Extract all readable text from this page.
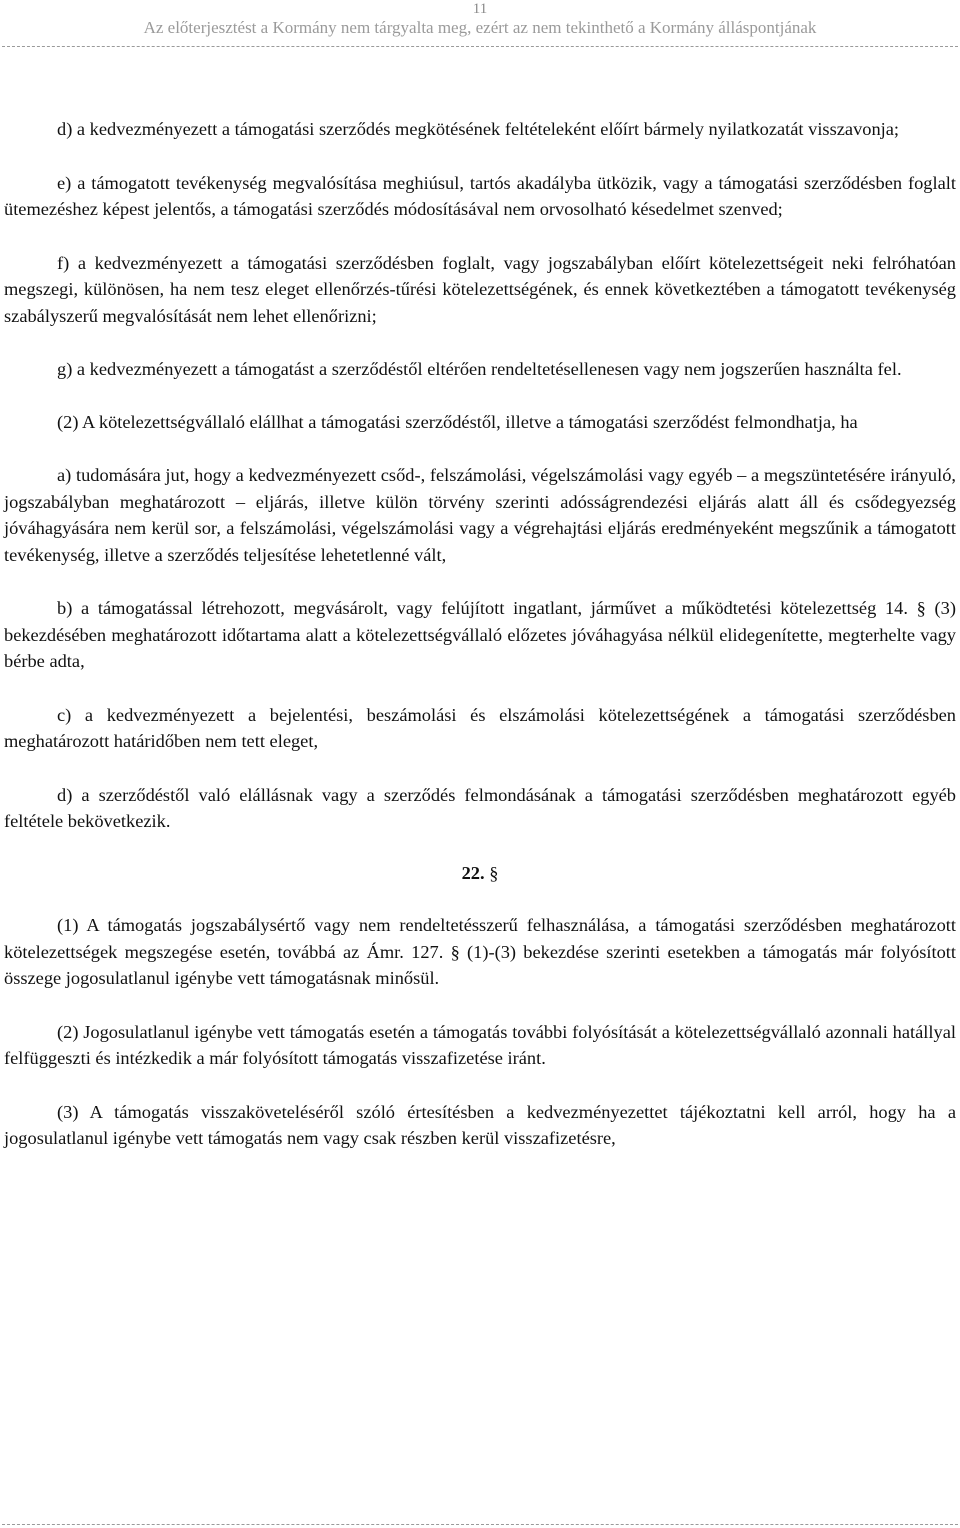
11
Az előterjesztést a Kormány nem tárgyalta meg, ezért az nem tekinthető a Kormány álláspontjának

d) a kedvezményezett a támogatási szerződés megkötésének feltételeként előírt bármely nyilatkozatát visszavonja;

e) a támogatott tevékenység megvalósítása meghiúsul, tartós akadályba ütközik, vagy a támogatási szerződésben foglalt ütemezéshez képest jelentős, a támogatási szerződés módosításával nem orvosolható késedelmet szenved;

f) a kedvezményezett a támogatási szerződésben foglalt, vagy jogszabályban előírt kötelezettségeit neki felróhatóan megszegi, különösen, ha nem tesz eleget ellenőrzés-tűrési kötelezettségének, és ennek következtében a támogatott tevékenység szabályszerű megvalósítását nem lehet ellenőrizni;

g) a kedvezményezett a támogatást a szerződéstől eltérően rendeltetésellenesen vagy nem jogszerűen használta fel.

(2) A kötelezettségvállaló elállhat a támogatási szerződéstől, illetve a támogatási szerződést felmondhatja, ha

a) tudomására jut, hogy a kedvezményezett csőd-, felszámolási, végelszámolási vagy egyéb – a megszüntetésére irányuló, jogszabályban meghatározott – eljárás, illetve külön törvény szerinti adósságrendezési eljárás alatt áll és csődegyezség jóváhagyására nem kerül sor, a felszámolási, végelszámolási vagy a végrehajtási eljárás eredményeként megszűnik a támogatott tevékenység, illetve a szerződés teljesítése lehetetlenné vált,

b) a támogatással létrehozott, megvásárolt, vagy felújított ingatlant, járművet a működtetési kötelezettség 14. § (3) bekezdésében meghatározott időtartama alatt a kötelezettségvállaló előzetes jóváhagyása nélkül elidegenítette, megterhelte vagy bérbe adta,

c) a kedvezményezett a bejelentési, beszámolási és elszámolási kötelezettségének a támogatási szerződésben meghatározott határidőben nem tett eleget,

d) a szerződéstől való elállásnak vagy a szerződés felmondásának a támogatási szerződésben meghatározott egyéb feltétele bekövetkezik.

22. §

(1) A támogatás jogszabálysértő vagy nem rendeltetésszerű felhasználása, a támogatási szerződésben meghatározott kötelezettségek megszegése esetén, továbbá az Ámr. 127. § (1)-(3) bekezdése szerinti esetekben a támogatás már folyósított összege jogosulatlanul igénybe vett támogatásnak minősül.

(2) Jogosulatlanul igénybe vett támogatás esetén a támogatás további folyósítását a kötelezettségvállaló azonnali hatállyal felfüggeszti és intézkedik a már folyósított támogatás visszafizetése iránt.

(3) A támogatás visszaköveteléséről szóló értesítésben a kedvezményezettet tájékoztatni kell arról, hogy ha a jogosulatlanul igénybe vett támogatás nem vagy csak részben kerül visszafizetésre,
